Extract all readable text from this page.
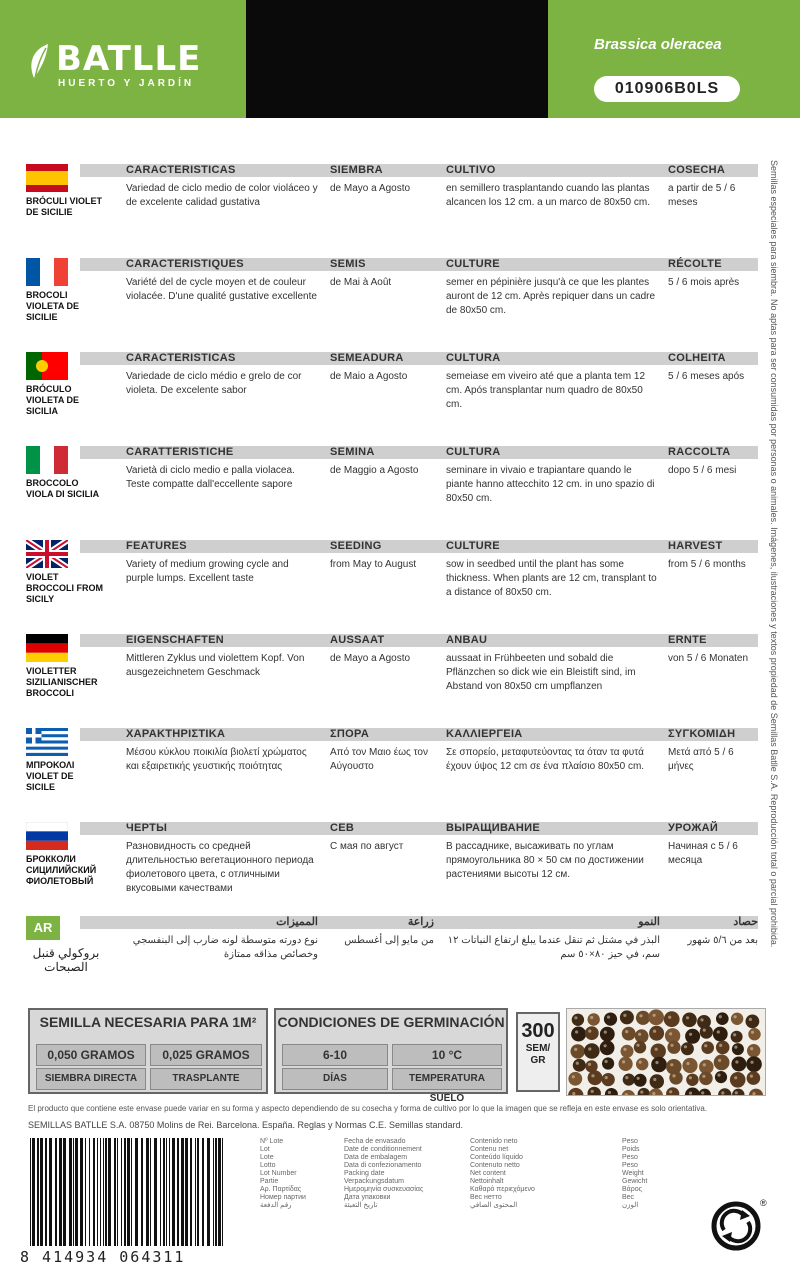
BATLLE
HUERTO Y JARDÍN
Brassica oleracea
010906B0LS
Semillas especiales para siembra. No aptas para ser consumidas por personas o animales. Imágenes, ilustraciones y textos propiedad de Semillas Batlle S.A. Reproducción total o parcial prohibida.
BRÓCULI VIOLET DE SICILIE
CARACTERISTICAS
Variedad de ciclo medio de color violáceo y de excelente calidad gustativa
SIEMBRA
de Mayo a Agosto
CULTIVO
en semillero trasplantando cuando las plantas alcancen los 12 cm. a un marco de 80x50 cm.
COSECHA
a partir de 5 / 6 meses
BROCOLI VIOLETA DE SICILIE
CARACTERISTIQUES
Variété del de cycle moyen et de couleur violacée. D'une qualité gustative excellente
SEMIS
de Mai à Août
CULTURE
semer en pépinière jusqu'à ce que les plantes auront de 12 cm. Après repiquer dans un cadre de 80x50 cm.
RÉCOLTE
5 / 6 mois après
BRÓCULO VIOLETA DE SICILIA
CARACTERISTICAS
Variedade de ciclo médio e grelo de cor violeta. De excelente sabor
SEMEADURA
de Maio a Agosto
CULTURA
semeiase em viveiro até que a planta tem 12 cm. Após transplantar num quadro de 80x50 cm.
COLHEITA
5 / 6 meses após
BROCCOLO VIOLA DI SICILIA
CARATTERISTICHE
Varietà di ciclo medio e palla violacea. Teste compatte dall'eccellente sapore
SEMINA
de Maggio a Agosto
CULTURA
seminare in vivaio e trapiantare quando le piante hanno attecchito 12 cm. in uno spazio di 80x50 cm.
RACCOLTA
dopo 5 / 6 mesi
VIOLET BROCCOLI FROM SICILY
FEATURES
Variety of medium growing cycle and purple lumps. Excellent taste
SEEDING
from May to August
CULTURE
sow in seedbed until the plant has some thickness. When plants are 12 cm, transplant to a distance of 80x50 cm.
HARVEST
from 5 / 6 months
VIOLETTER SIZILIANISCHER BROCCOLI
EIGENSCHAFTEN
Mittleren Zyklus und violettem Kopf. Von ausgezeichnetem Geschmack
AUSSAAT
de Mayo a Agosto
ANBAU
aussaat in Frühbeeten und sobald die Pflänzchen so dick wie ein Bleistift sind, im Abstand von 80x50 cm umpflanzen
ERNTE
von 5 / 6 Monaten
ΜΠΡΟΚΟΛΙ VIOLET DE SICILE
ΧΑΡΑΚΤΗΡΙΣΤΙΚΑ
Μέσου κύκλου ποικιλία βιολετί χρώματος και εξαιρετικής γευστικής ποιότητας
ΣΠΟΡΑ
Από τον Μαιο έως τον Αύγουστο
ΚΑΛΛΙΕΡΓΕΙΑ
Σε σπορείο, μεταφυτεύοντας τα όταν τα φυτά έχουν ύψος 12 cm σε ένα πλαίσιο 80x50 cm.
ΣΥΓΚΟΜΙΔΗ
Μετά από 5 / 6 μήνες
БРОККОЛИ СИЦИЛИЙСКИЙ ФИОЛЕТОВЫЙ
ЧЕРТЫ
Разновидность со средней длительностью вегетационного периода фиолетового цвета, с отличными вкусовыми качествами
СЕВ
С мая по август
ВЫРАЩИВАНИЕ
В рассаднике, высаживать по углам прямоугольника 80 × 50 см по достижении растениями высоты 12 см.
УРОЖАЙ
Начиная с 5 / 6 месяца
AR
بروكولي قنبل الصبحات
المميزات
نوع دورته متوسطة لونه ضارب إلى البنفسجي وخصائص مذاقه ممتازة
زراعة
من مايو إلى أغسطس
النمو
البذر في مشتل ثم تنقل عندما يبلغ ارتفاع النباتات ١٢ سم، في حيز ٨٠×٥٠ سم
حصاد
بعد من ٥/٦ شهور
SEMILLA NECESARIA PARA 1M²
0,050 GRAMOS	0,025 GRAMOS
SIEMBRA DIRECTA	TRASPLANTE
CONDICIONES DE GERMINACIÓN
6-10	10 °C
DÍAS	TEMPERATURA SUELO
300
SEM/ GR
El producto que contiene este envase puede variar en su forma y aspecto dependiendo de su cosecha y forma de cultivo por lo que la imagen que se refleja en este envase es solo orientativa.
SEMILLAS BATLLE S.A. 08750 Molins de Rei. Barcelona. España. Reglas y Normas C.E. Semillas standard.
8 414934 064311
Nº Lote
Lot
Lote
Lotto
Lot Number
Partie
Αρ. Παρτίδας
Номер партии
رقم الدفعة
Fecha de envasado
Date de conditionnement
Data de embalagem
Data di confezionamento
Packing date
Verpackungsdatum
Ημερομηνία συσκευασίας
Дата упаковки
تاريخ التعبئة
Contenido neto
Contenu net
Conteúdo líquido
Contenuto netto
Net content
Nettoinhalt
Καθαρό περιεχόμενο
Вес нетто
المحتوى الصافي
Peso
Poids
Peso
Peso
Weight
Gewicht
Βάρος
Вес
الوزن	®
